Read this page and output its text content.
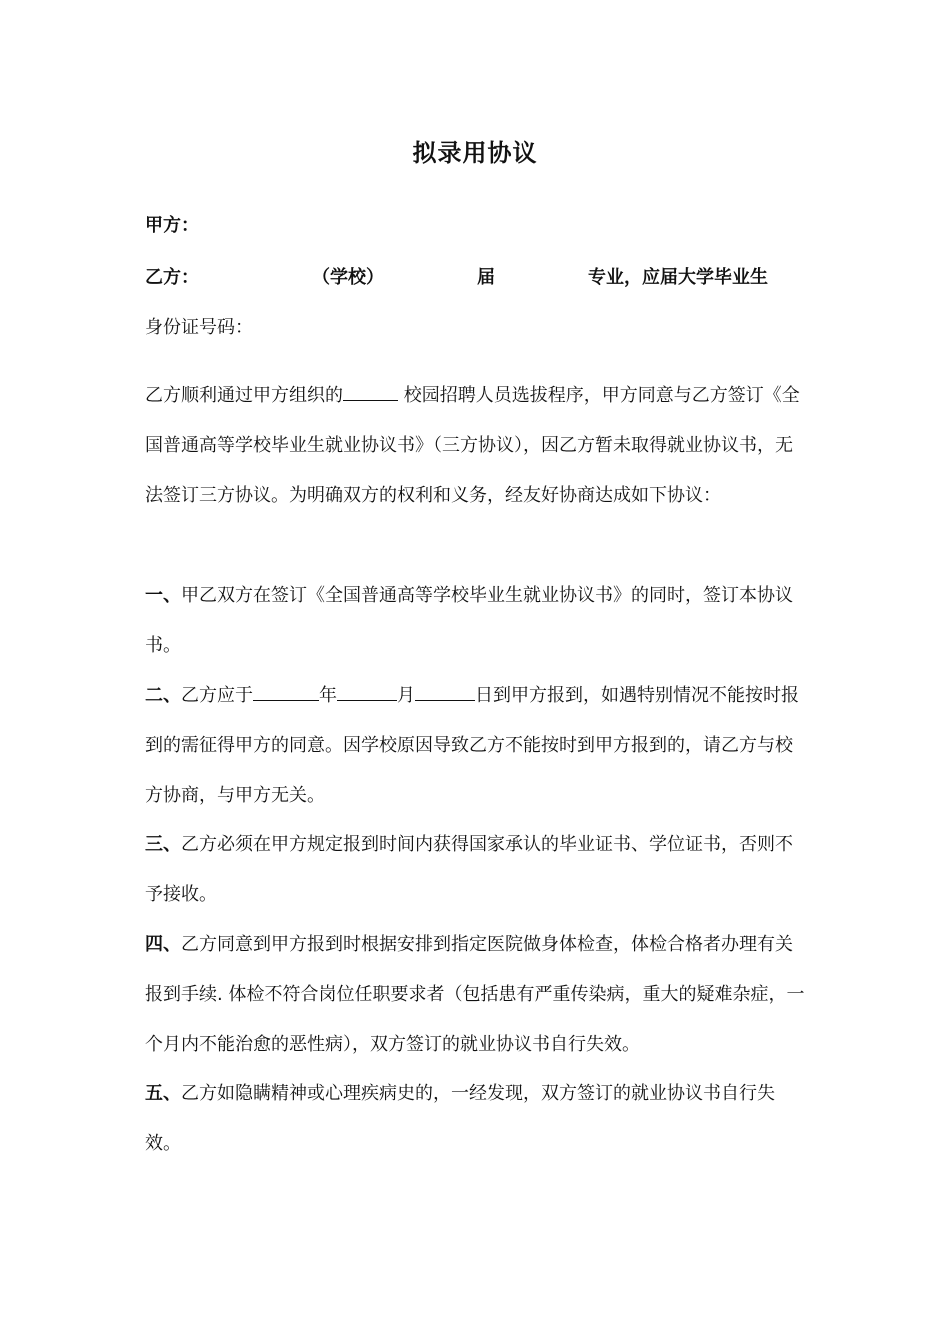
拟录用协议
甲方：
乙方：	（学校）	届	专业，应届大学毕业生
身份证号码：
乙方顺利通过甲方组织的	校园招聘人员选拔程序，甲方同意与乙方签订《全国普通高等学校毕业生就业协议书》（三方协议），因乙方暂未取得就业协议书，无法签订三方协议。为明确双方的权利和义务，经友好协商达成如下协议：
一、甲乙双方在签订《全国普通高等学校毕业生就业协议书》的同时，签订本协议书。
二、乙方应于	年	月	日到甲方报到，如遇特别情况不能按时报到的需征得甲方的同意。因学校原因导致乙方不能按时到甲方报到的，请乙方与校方协商，与甲方无关。
三、乙方必须在甲方规定报到时间内获得国家承认的毕业证书、学位证书，否则不予接收。
四、乙方同意到甲方报到时根据安排到指定医院做身体检查，体检合格者办理有关报到手续. 体检不符合岗位任职要求者（包括患有严重传染病，重大的疑难杂症，一个月内不能治愈的恶性病），双方签订的就业协议书自行失效。
五、乙方如隐瞒精神或心理疾病史的，一经发现，双方签订的就业协议书自行失效。
